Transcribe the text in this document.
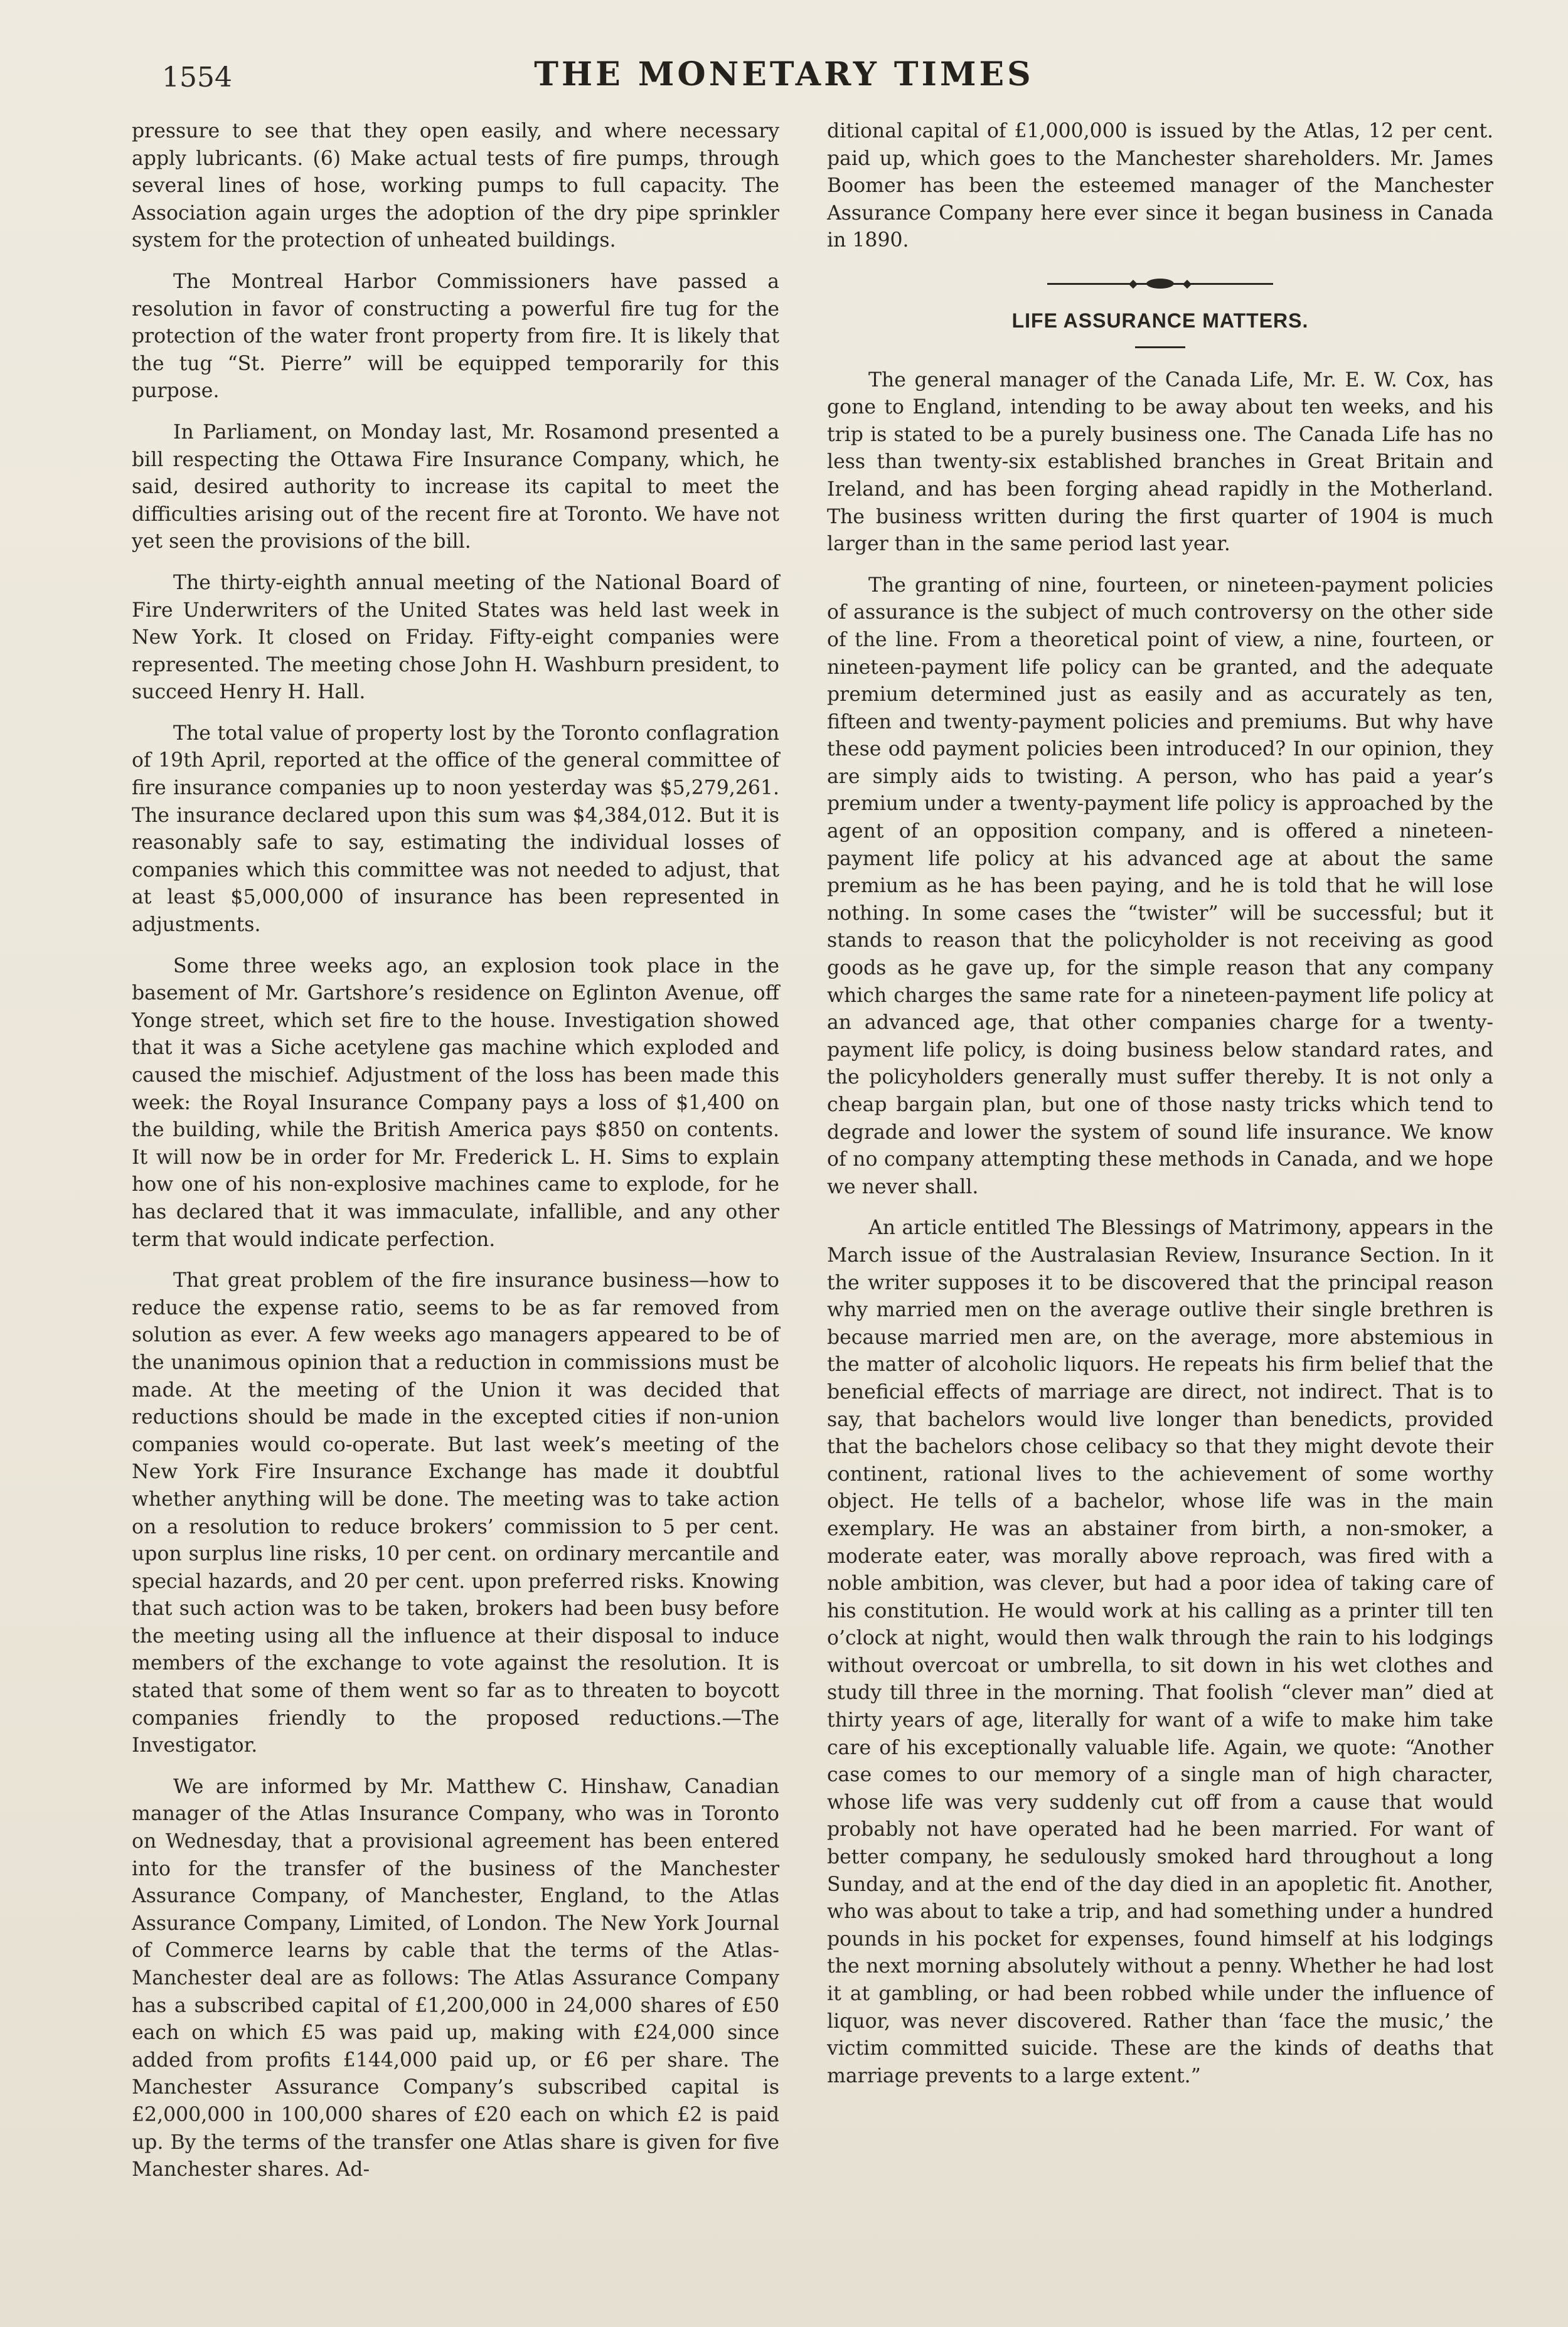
1554	THE MONETARY TIMES

pressure to see that they open easily, and where necessary apply lubricants. (6) Make actual tests of fire pumps, through several lines of hose, working pumps to full capacity. The Association again urges the adoption of the dry pipe sprinkler system for the protection of unheated buildings.

The Montreal Harbor Commissioners have passed a resolution in favor of constructing a powerful fire tug for the protection of the water front property from fire. It is likely that the tug “St. Pierre” will be equipped temporarily for this purpose.

In Parliament, on Monday last, Mr. Rosamond presented a bill respecting the Ottawa Fire Insurance Company, which, he said, desired authority to increase its capital to meet the difficulties arising out of the recent fire at Toronto. We have not yet seen the provisions of the bill.

The thirty-eighth annual meeting of the National Board of Fire Underwriters of the United States was held last week in New York. It closed on Friday. Fifty-eight companies were represented. The meeting chose John H. Washburn president, to succeed Henry H. Hall.

The total value of property lost by the Toronto conflagration of 19th April, reported at the office of the general committee of fire insurance companies up to noon yesterday was $5,279,261. The insurance declared upon this sum was $4,384,012. But it is reasonably safe to say, estimating the individual losses of companies which this committee was not needed to adjust, that at least $5,000,000 of insurance has been represented in adjustments.

Some three weeks ago, an explosion took place in the basement of Mr. Gartshore’s residence on Eglinton Avenue, off Yonge street, which set fire to the house. Investigation showed that it was a Siche acetylene gas machine which exploded and caused the mischief. Adjustment of the loss has been made this week: the Royal Insurance Company pays a loss of $1,400 on the building, while the British America pays $850 on contents. It will now be in order for Mr. Frederick L. H. Sims to explain how one of his non-explosive machines came to explode, for he has declared that it was immaculate, infallible, and any other term that would indicate perfection.

That great problem of the fire insurance business—how to reduce the expense ratio, seems to be as far removed from solution as ever. A few weeks ago managers appeared to be of the unanimous opinion that a reduction in commissions must be made. At the meeting of the Union it was decided that reductions should be made in the excepted cities if non-union companies would co-operate. But last week’s meeting of the New York Fire Insurance Exchange has made it doubtful whether anything will be done. The meeting was to take action on a resolution to reduce brokers’ commission to 5 per cent. upon surplus line risks, 10 per cent. on ordinary mercantile and special hazards, and 20 per cent. upon preferred risks. Knowing that such action was to be taken, brokers had been busy before the meeting using all the influence at their disposal to induce members of the exchange to vote against the resolution. It is stated that some of them went so far as to threaten to boycott companies friendly to the proposed reductions.—The Investigator.

We are informed by Mr. Matthew C. Hinshaw, Canadian manager of the Atlas Insurance Company, who was in Toronto on Wednesday, that a provisional agreement has been entered into for the transfer of the business of the Manchester Assurance Company, of Manchester, England, to the Atlas Assurance Company, Limited, of London. The New York Journal of Commerce learns by cable that the terms of the Atlas-Manchester deal are as follows: The Atlas Assurance Company has a subscribed capital of £1,200,000 in 24,000 shares of £50 each on which £5 was paid up, making with £24,000 since added from profits £144,000 paid up, or £6 per share. The Manchester Assurance Company’s subscribed capital is £2,000,000 in 100,000 shares of £20 each on which £2 is paid up. By the terms of the transfer one Atlas share is given for five Manchester shares. Ad-

ditional capital of £1,000,000 is issued by the Atlas, 12 per cent. paid up, which goes to the Manchester shareholders. Mr. James Boomer has been the esteemed manager of the Manchester Assurance Company here ever since it began business in Canada in 1890.

LIFE ASSURANCE MATTERS.

The general manager of the Canada Life, Mr. E. W. Cox, has gone to England, intending to be away about ten weeks, and his trip is stated to be a purely business one. The Canada Life has no less than twenty-six established branches in Great Britain and Ireland, and has been forging ahead rapidly in the Motherland. The business written during the first quarter of 1904 is much larger than in the same period last year.

The granting of nine, fourteen, or nineteen-payment policies of assurance is the subject of much controversy on the other side of the line. From a theoretical point of view, a nine, fourteen, or nineteen-payment life policy can be granted, and the adequate premium determined just as easily and as accurately as ten, fifteen and twenty-payment policies and premiums. But why have these odd payment policies been introduced? In our opinion, they are simply aids to twisting. A person, who has paid a year’s premium under a twenty-payment life policy is approached by the agent of an opposition company, and is offered a nineteen-payment life policy at his advanced age at about the same premium as he has been paying, and he is told that he will lose nothing. In some cases the “twister” will be successful; but it stands to reason that the policyholder is not receiving as good goods as he gave up, for the simple reason that any company which charges the same rate for a nineteen-payment life policy at an advanced age, that other companies charge for a twenty-payment life policy, is doing business below standard rates, and the policyholders generally must suffer thereby. It is not only a cheap bargain plan, but one of those nasty tricks which tend to degrade and lower the system of sound life insurance. We know of no company attempting these methods in Canada, and we hope we never shall.

An article entitled The Blessings of Matrimony, appears in the March issue of the Australasian Review, Insurance Section. In it the writer supposes it to be discovered that the principal reason why married men on the average outlive their single brethren is because married men are, on the average, more abstemious in the matter of alcoholic liquors. He repeats his firm belief that the beneficial effects of marriage are direct, not indirect. That is to say, that bachelors would live longer than benedicts, provided that the bachelors chose celibacy so that they might devote their continent, rational lives to the achievement of some worthy object. He tells of a bachelor, whose life was in the main exemplary. He was an abstainer from birth, a non-smoker, a moderate eater, was morally above reproach, was fired with a noble ambition, was clever, but had a poor idea of taking care of his constitution. He would work at his calling as a printer till ten o’clock at night, would then walk through the rain to his lodgings without overcoat or umbrella, to sit down in his wet clothes and study till three in the morning. That foolish “clever man” died at thirty years of age, literally for want of a wife to make him take care of his exceptionally valuable life. Again, we quote: “Another case comes to our memory of a single man of high character, whose life was very suddenly cut off from a cause that would probably not have operated had he been married. For want of better company, he sedulously smoked hard throughout a long Sunday, and at the end of the day died in an apopletic fit. Another, who was about to take a trip, and had something under a hundred pounds in his pocket for expenses, found himself at his lodgings the next morning absolutely without a penny. Whether he had lost it at gambling, or had been robbed while under the influence of liquor, was never discovered. Rather than ‘face the music,’ the victim committed suicide. These are the kinds of deaths that marriage prevents to a large extent.”
